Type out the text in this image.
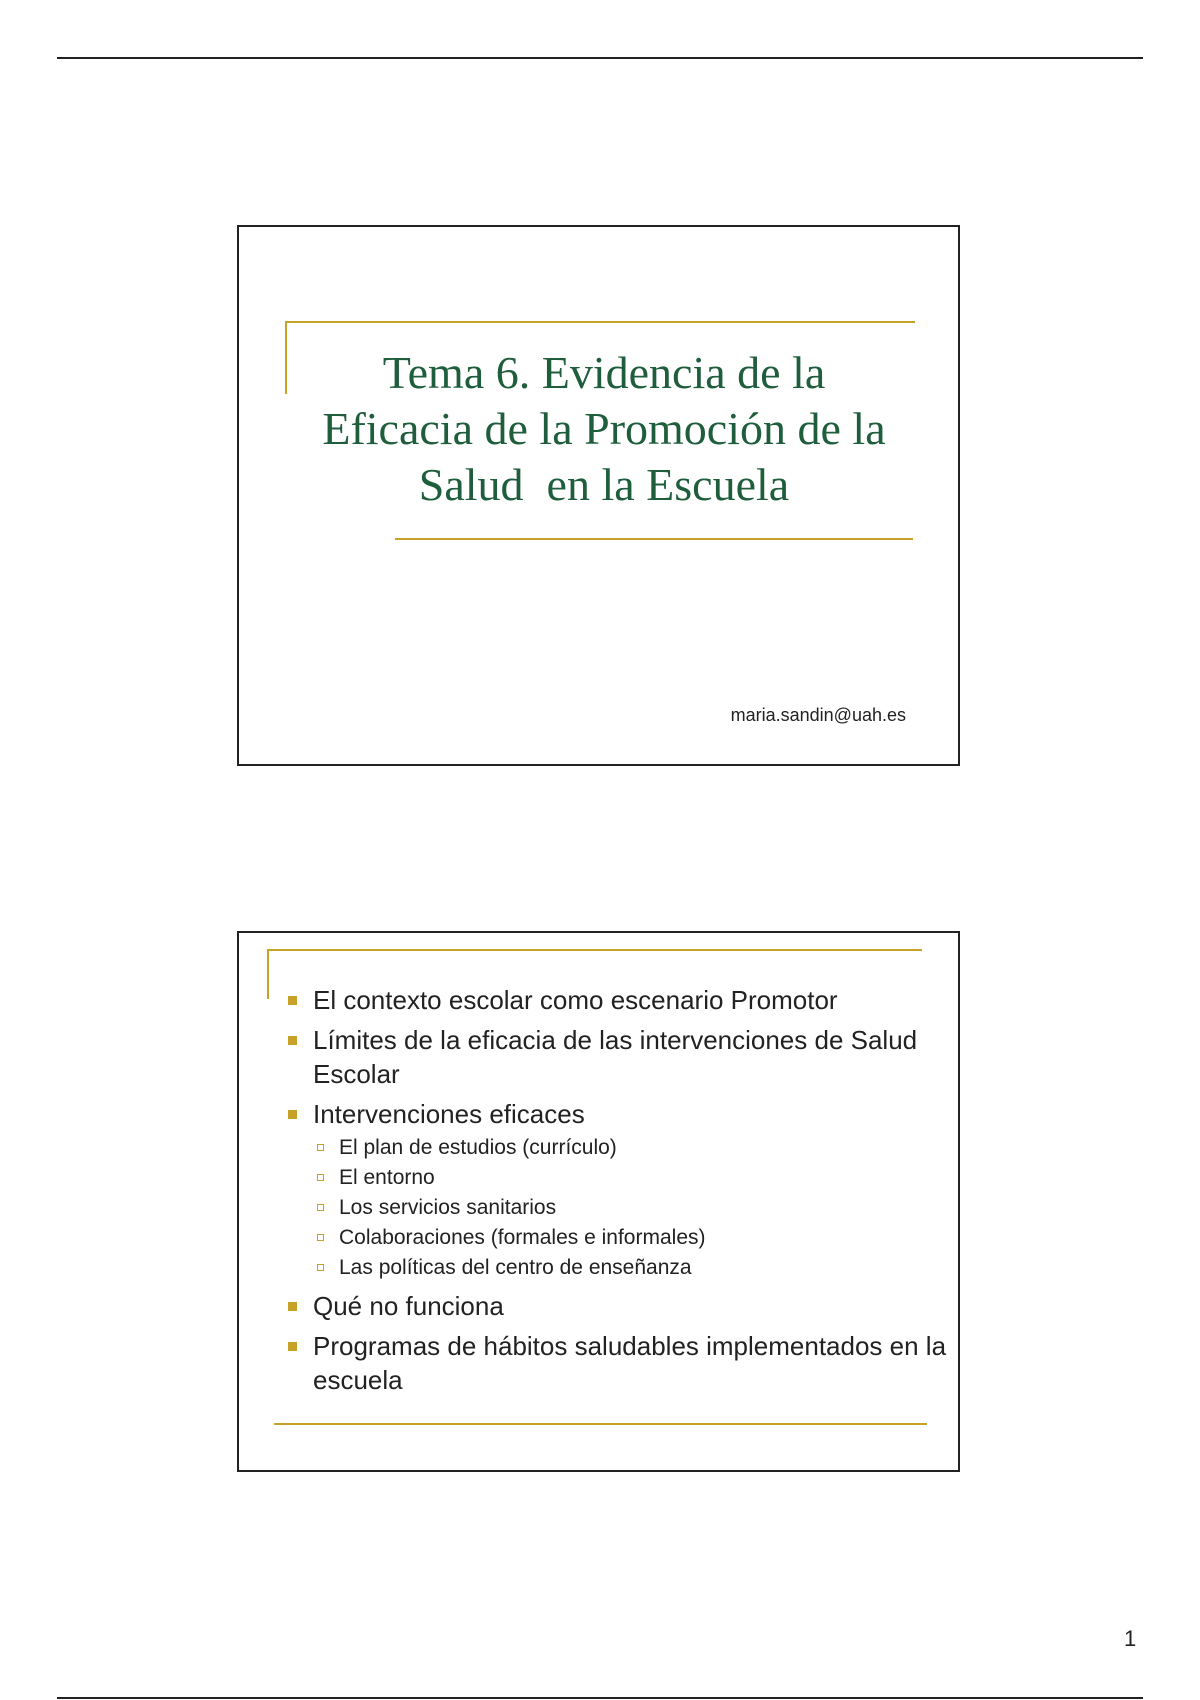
Tema 6. Evidencia de la
Eficacia de la Promoción de la
Salud  en la Escuela
maria.sandin@uah.es
El contexto escolar como escenario Promotor
Límites de la eficacia de las intervenciones de Salud Escolar
Intervenciones eficaces
El plan de estudios (currículo)
El entorno
Los servicios sanitarios
Colaboraciones (formales e informales)
Las políticas del centro de enseñanza
Qué no funciona
Programas de hábitos saludables implementados en la escuela
1
